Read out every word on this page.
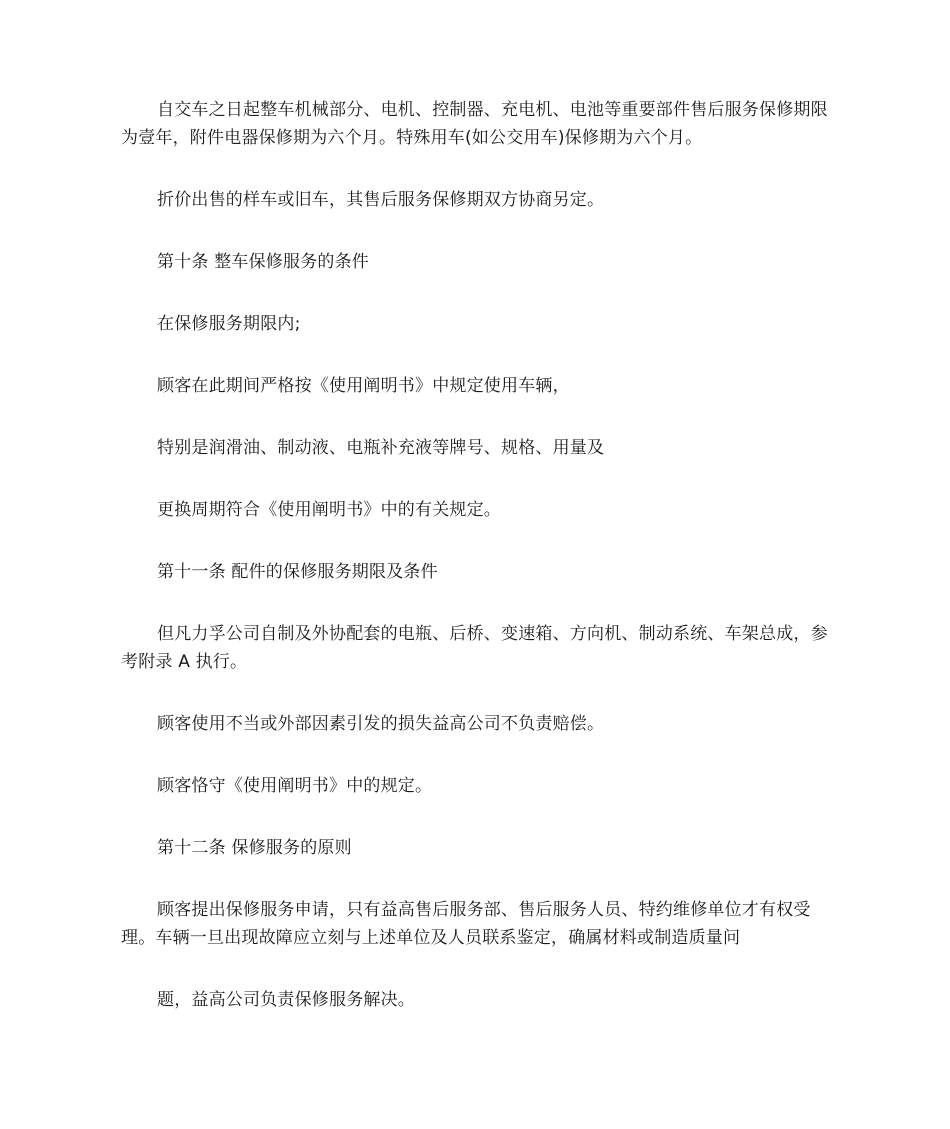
自交车之日起整车机械部分、电机、控制器、充电机、电池等重要部件售后服务保修期限为壹年，附件电器保修期为六个月。特殊用车(如公交用车)保修期为六个月。

折价出售的样车或旧车，其售后服务保修期双方协商另定。

第十条 整车保修服务的条件

在保修服务期限内;

顾客在此期间严格按《使用阐明书》中规定使用车辆，

特别是润滑油、制动液、电瓶补充液等牌号、规格、用量及

更换周期符合《使用阐明书》中的有关规定。

第十一条 配件的保修服务期限及条件

但凡力孚公司自制及外协配套的电瓶、后桥、变速箱、方向机、制动系统、车架总成，参考附录 A 执行。

顾客使用不当或外部因素引发的损失益高公司不负责赔偿。

顾客恪守《使用阐明书》中的规定。

第十二条 保修服务的原则

顾客提出保修服务申请，只有益高售后服务部、售后服务人员、特约维修单位才有权受理。车辆一旦出现故障应立刻与上述单位及人员联系鉴定，确属材料或制造质量问

题，益高公司负责保修服务解决。
